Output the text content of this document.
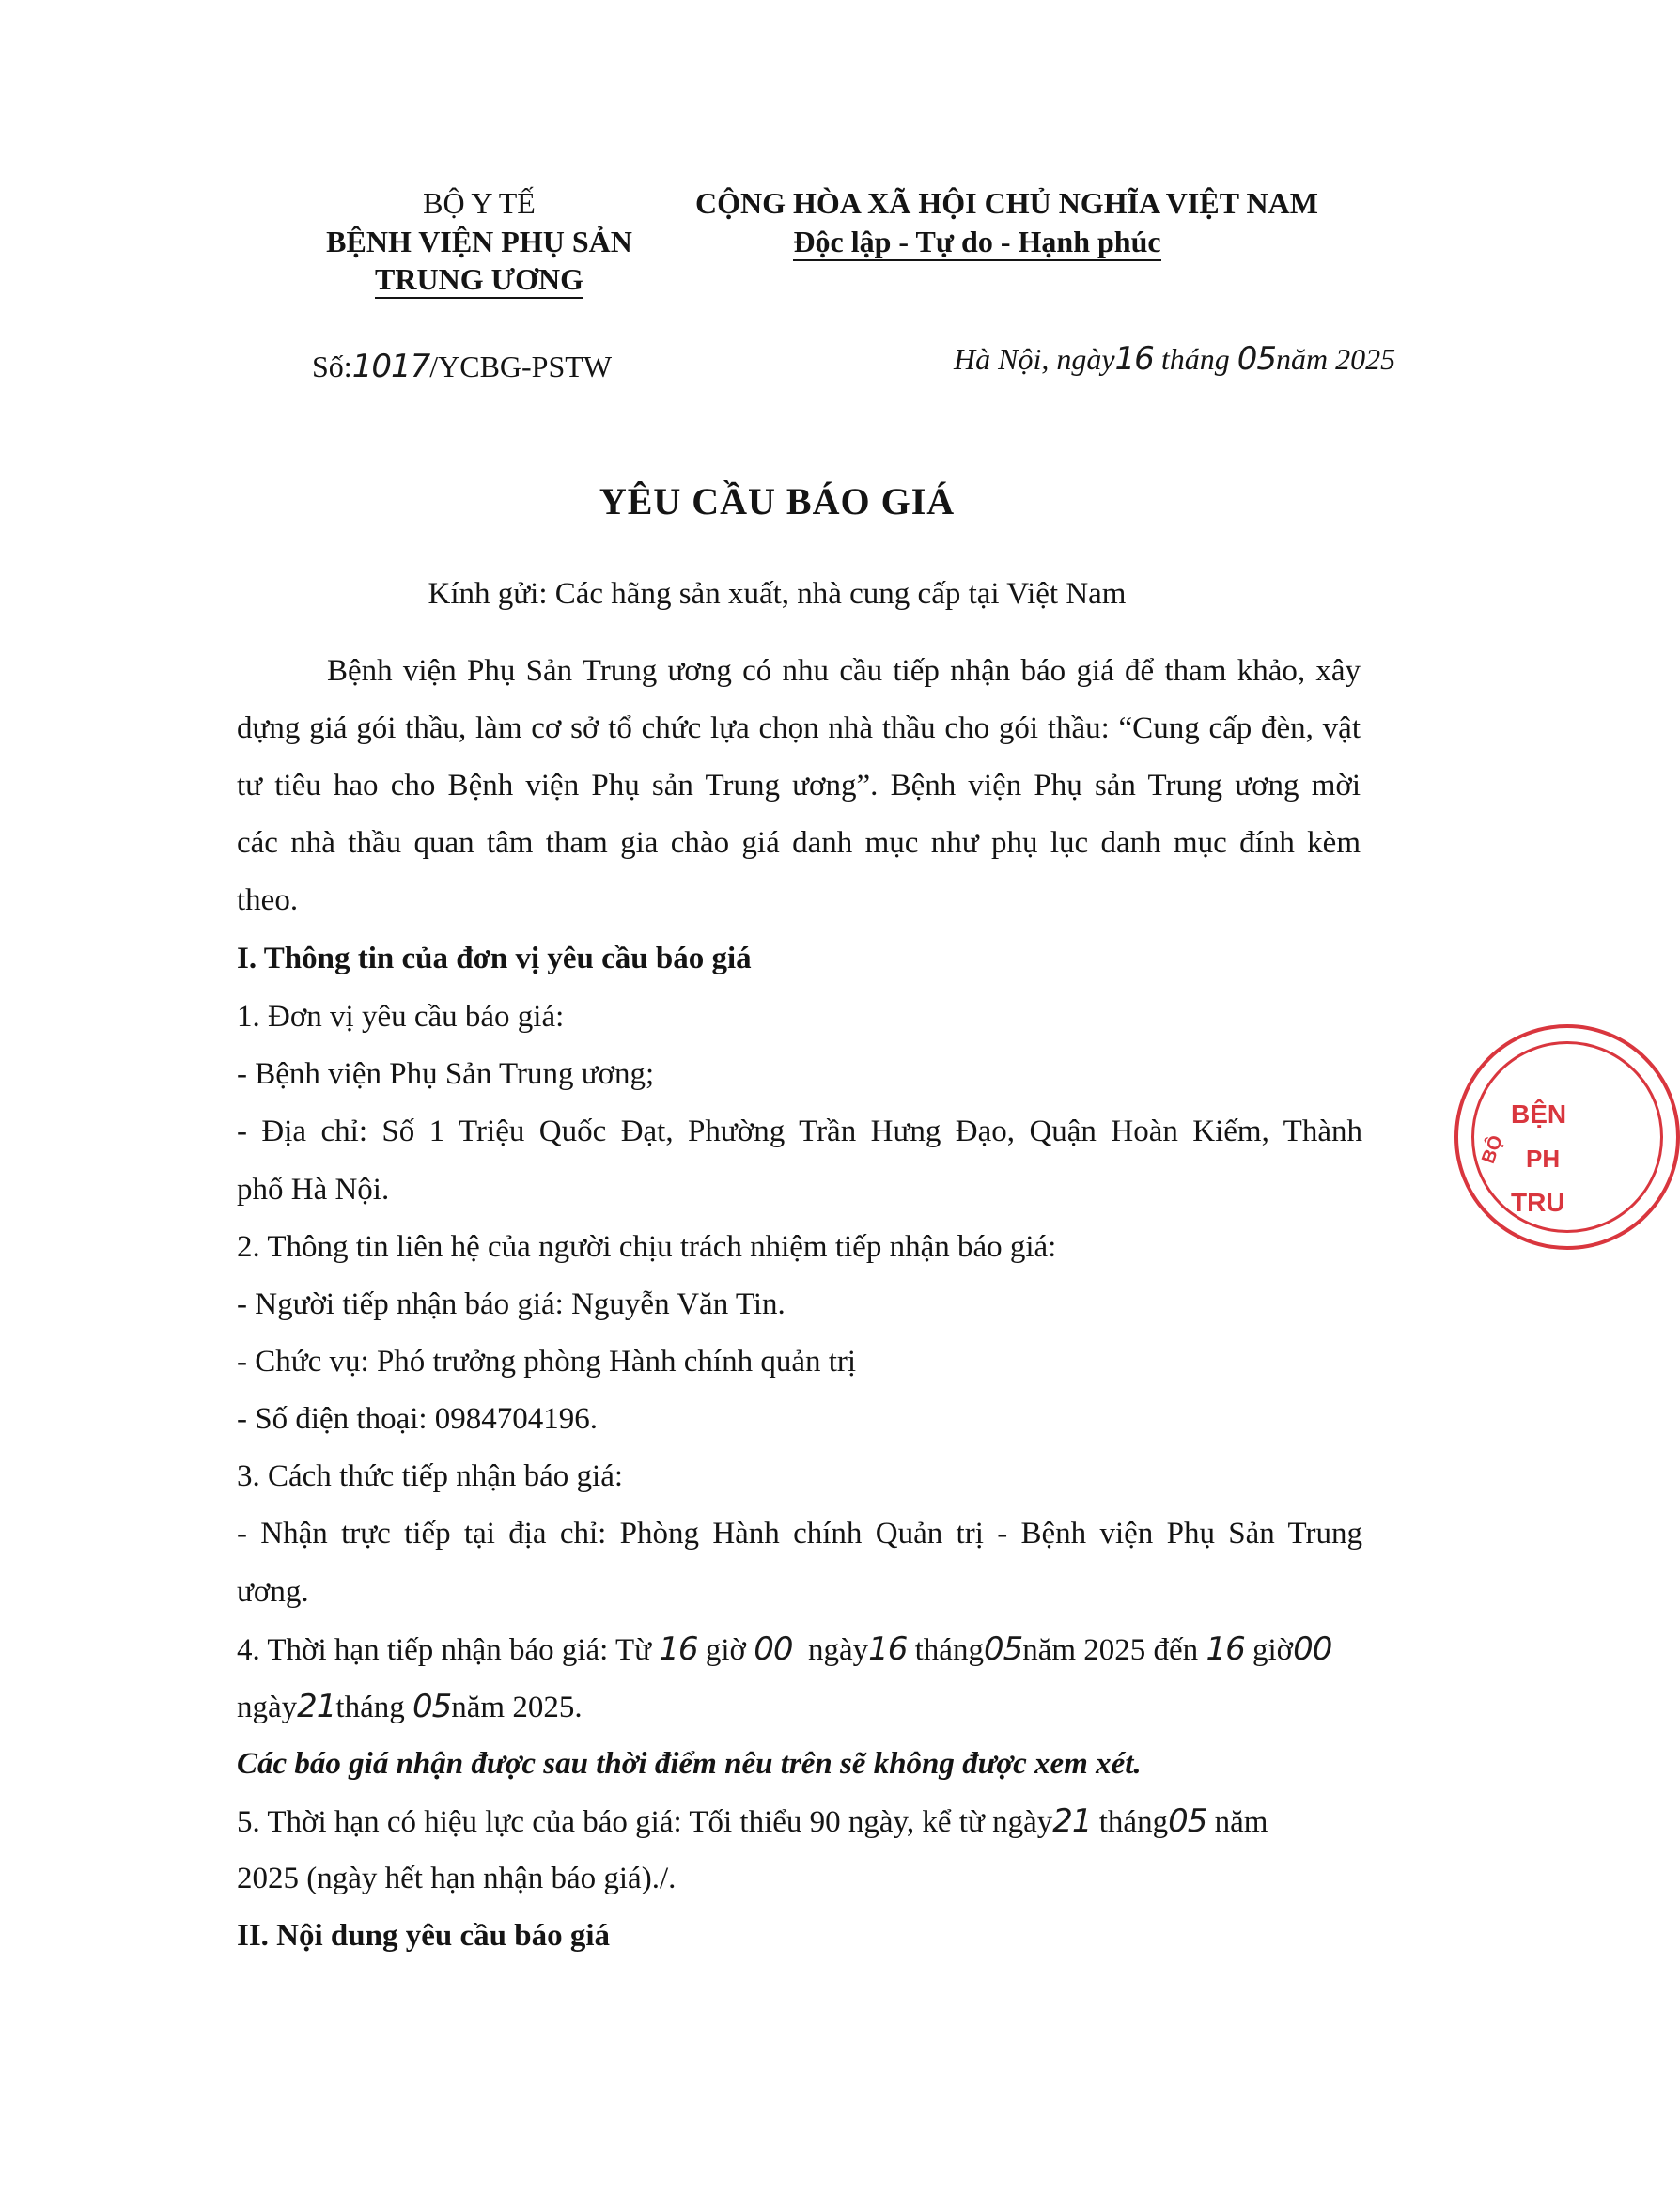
BỘ Y TẾ
BỆNH VIỆN PHỤ SẢN
TRUNG ƯƠNG
CỘNG HÒA XÃ HỘI CHỦ NGHĨA VIỆT NAM
Độc lập - Tự do - Hạnh phúc
Số:1017/YCBG-PSTW	Hà Nội, ngày16 tháng 05năm 2025
YÊU CẦU BÁO GIÁ
Kính gửi: Các hãng sản xuất, nhà cung cấp tại Việt Nam
Bệnh viện Phụ Sản Trung ương có nhu cầu tiếp nhận báo giá để tham khảo, xây
dựng giá gói thầu, làm cơ sở tổ chức lựa chọn nhà thầu cho gói thầu: “Cung cấp đèn, vật
tư tiêu hao cho Bệnh viện Phụ sản Trung ương”. Bệnh viện Phụ sản Trung ương mời
các nhà thầu quan tâm tham gia chào giá danh mục như phụ lục danh mục đính kèm
theo.
I. Thông tin của đơn vị yêu cầu báo giá
1. Đơn vị yêu cầu báo giá:
- Bệnh viện Phụ Sản Trung ương;
- Địa chỉ: Số 1 Triệu Quốc Đạt, Phường Trần Hưng Đạo, Quận Hoàn Kiếm, Thành
phố Hà Nội.
2. Thông tin liên hệ của người chịu trách nhiệm tiếp nhận báo giá:
- Người tiếp nhận báo giá: Nguyễn Văn Tin.
- Chức vụ: Phó trưởng phòng Hành chính quản trị
- Số điện thoại: 0984704196.
3. Cách thức tiếp nhận báo giá:
- Nhận trực tiếp tại địa chỉ: Phòng Hành chính Quản trị - Bệnh viện Phụ Sản Trung
ương.
4. Thời hạn tiếp nhận báo giá: Từ 16 giờ 00 ngày16 tháng05năm 2025 đến 16 giờ00
ngày21tháng 05năm 2025.
Các báo giá nhận được sau thời điểm nêu trên sẽ không được xem xét.
5. Thời hạn có hiệu lực của báo giá: Tối thiểu 90 ngày, kể từ ngày21 tháng05 năm
2025 (ngày hết hạn nhận báo giá)./.
II. Nội dung yêu cầu báo giá
BỆN
PH
TRU
BỘ
